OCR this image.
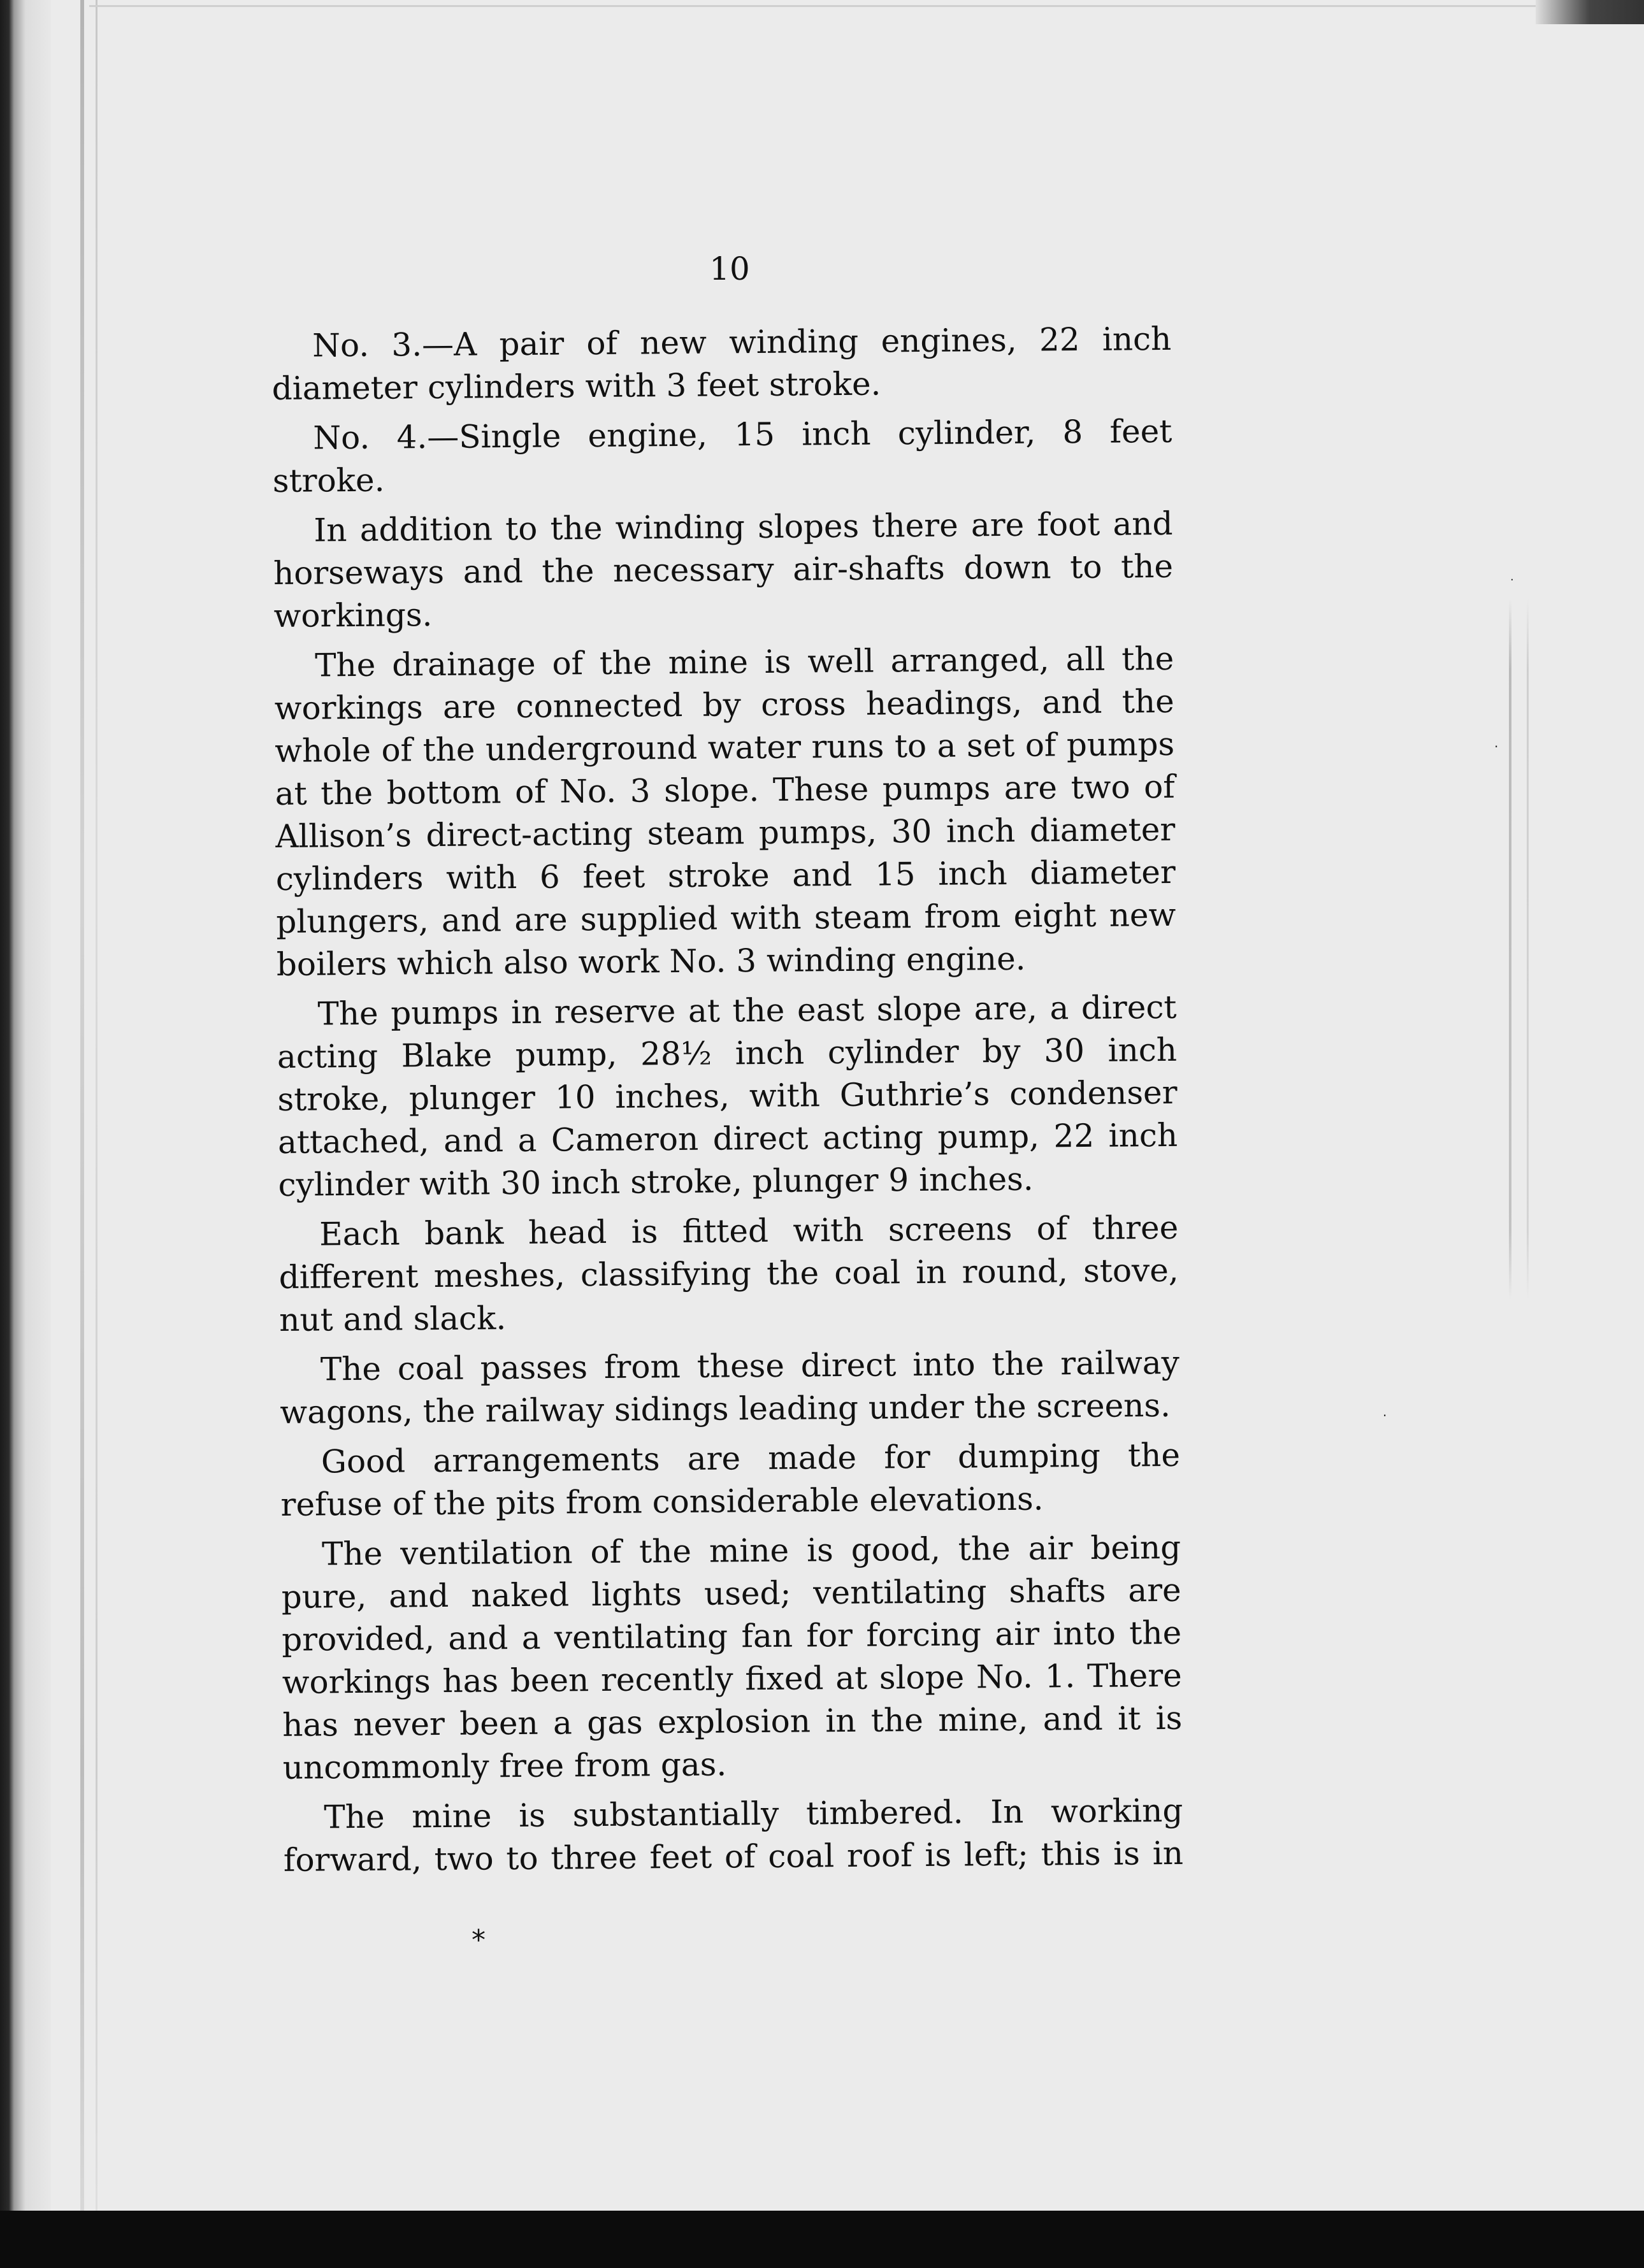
·
·
·
10

No. 3.—A pair of new winding engines, 22 inch diameter cylinders with 3 feet stroke.

No. 4.—Single engine, 15 inch cylinder, 8 feet stroke.

In addition to the winding slopes there are foot and horseways and the necessary air-shafts down to the workings.

The drainage of the mine is well arranged, all the workings are connected by cross headings, and the whole of the underground water runs to a set of pumps at the bottom of No. 3 slope. These pumps are two of Allison’s direct-acting steam pumps, 30 inch diameter cylinders with 6 feet stroke and 15 inch diameter plungers, and are supplied with steam from eight new boilers which also work No. 3 winding engine.

The pumps in reserve at the east slope are, a direct acting Blake pump, 28½ inch cylinder by 30 inch stroke, plunger 10 inches, with Guthrie’s condenser attached, and a Cameron direct acting pump, 22 inch cylinder with 30 inch stroke, plunger 9 inches.

Each bank head is fitted with screens of three different meshes, classifying the coal in round, stove, nut and slack.

The coal passes from these direct into the railway wagons, the railway sidings leading under the screens.

Good arrangements are made for dumping the refuse of the pits from considerable elevations.

The ventilation of the mine is good, the air being pure, and naked lights used; ventilating shafts are provided, and a ventilating fan for forcing air into the workings has been recently fixed at slope No. 1. There has never been a gas explosion in the mine, and it is uncommonly free from gas.

The mine is substantially timbered. In working forward, two to three feet of coal roof is left; this is in

*
